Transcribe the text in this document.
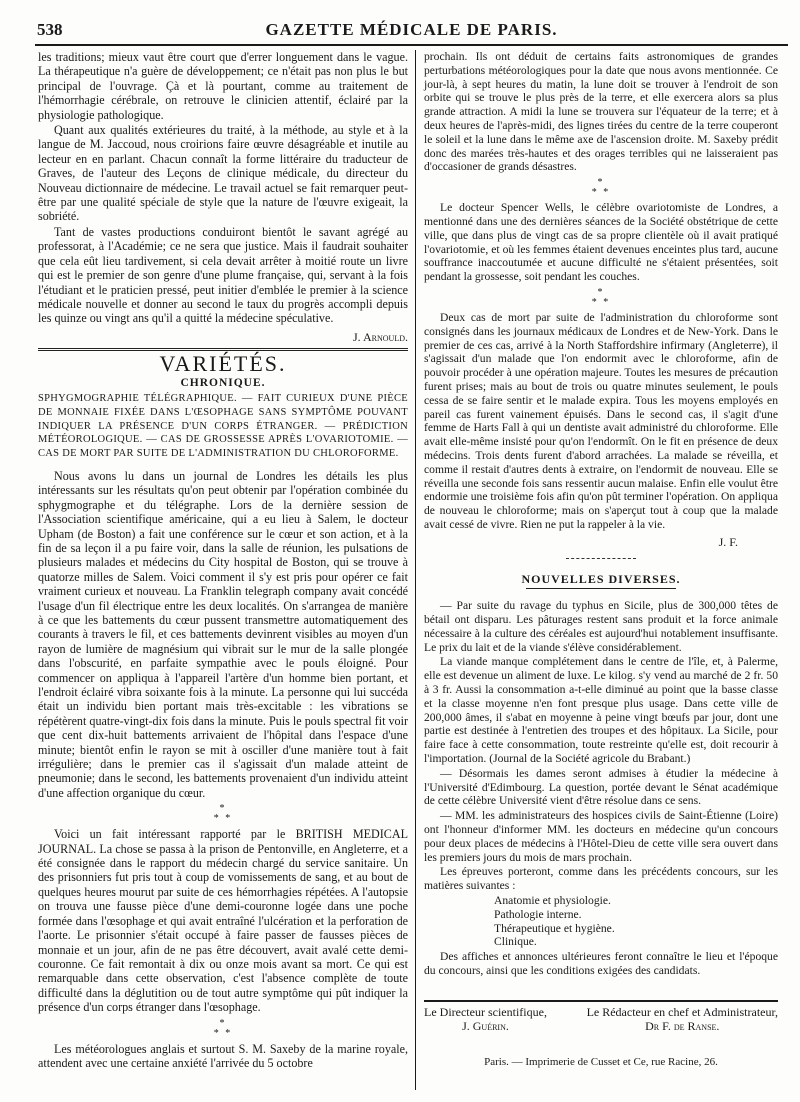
538	GAZETTE MÉDICALE DE PARIS.

les traditions; mieux vaut être court que d'errer longuement dans le vague. La thérapeutique n'a guère de développement; ce n'était pas non plus le but principal de l'ouvrage. Çà et là pourtant, comme au traitement de l'hémorrhagie cérébrale, on retrouve le clinicien attentif, éclairé par la physiologie pathologique.

Quant aux qualités extérieures du traité, à la méthode, au style et à la langue de M. Jaccoud, nous croirions faire œuvre désagréable et inutile au lecteur en en parlant. Chacun connaît la forme littéraire du traducteur de Graves, de l'auteur des Leçons de clinique médicale, du directeur du Nouveau dictionnaire de médecine. Le travail actuel se fait remarquer peut-être par une qualité spéciale de style que la nature de l'œuvre exigeait, la sobriété.

Tant de vastes productions conduiront bientôt le savant agrégé au professorat, à l'Académie; ce ne sera que justice. Mais il faudrait souhaiter que cela eût lieu tardivement, si cela devait arrêter à moitié route un livre qui est le premier de son genre d'une plume française, qui, servant à la fois l'étudiant et le praticien pressé, peut initier d'emblée le premier à la science médicale nouvelle et donner au second le taux du progrès accompli depuis les quinze ou vingt ans qu'il a quitté la médecine spéculative.

J. Arnould.
VARIÉTÉS.
CHRONIQUE.

SPHYGMOGRAPHIE TÉLÉGRAPHIQUE. — FAIT CURIEUX D'UNE PIÈCE DE MONNAIE FIXÉE DANS L'ŒSOPHAGE SANS SYMPTÔME POUVANT INDIQUER LA PRÉSENCE D'UN CORPS ÉTRANGER. — PRÉDICTION MÉTÉOROLOGIQUE. — CAS DE GROSSESSE APRÈS L'OVARIOTOMIE. — CAS DE MORT PAR SUITE DE L'ADMINISTRATION DU CHLOROFORME.

Nous avons lu dans un journal de Londres les détails les plus intéressants sur les résultats qu'on peut obtenir par l'opération combinée du sphygmographe et du télégraphe. Lors de la dernière session de l'Association scientifique américaine, qui a eu lieu à Salem, le docteur Upham (de Boston) a fait une conférence sur le cœur et son action, et à la fin de sa leçon il a pu faire voir, dans la salle de réunion, les pulsations de plusieurs malades et médecins du City hospital de Boston, qui se trouve à quatorze milles de Salem. Voici comment il s'y est pris pour opérer ce fait vraiment curieux et nouveau. La Franklin telegraph company avait concédé l'usage d'un fil électrique entre les deux localités. On s'arrangea de manière à ce que les battements du cœur pussent transmettre automatiquement des courants à travers le fil, et ces battements devinrent visibles au moyen d'un rayon de lumière de magnésium qui vibrait sur le mur de la salle plongée dans l'obscurité, en parfaite sympathie avec le pouls éloigné. Pour commencer on appliqua à l'appareil l'artère d'un homme bien portant, et l'endroit éclairé vibra soixante fois à la minute. La personne qui lui succéda était un individu bien portant mais très-excitable : les vibrations se répétèrent quatre-vingt-dix fois dans la minute. Puis le pouls spectral fit voir que cent dix-huit battements arrivaient de l'hôpital dans l'espace d'une minute; bientôt enfin le rayon se mit à osciller d'une manière tout à fait irrégulière; dans le premier cas il s'agissait d'un malade atteint de pneumonie; dans le second, les battements provenaient d'un individu atteint d'une affection organique du cœur.

*
* *

Voici un fait intéressant rapporté par le BRITISH MEDICAL JOURNAL. La chose se passa à la prison de Pentonville, en Angleterre, et a été consignée dans le rapport du médecin chargé du service sanitaire. Un des prisonniers fut pris tout à coup de vomissements de sang, et au bout de quelques heures mourut par suite de ces hémorrhagies répétées. A l'autopsie on trouva une fausse pièce d'une demi-couronne logée dans une poche formée dans l'œsophage et qui avait entraîné l'ulcération et la perforation de l'aorte. Le prisonnier s'était occupé à faire passer de fausses pièces de monnaie et un jour, afin de ne pas être découvert, avait avalé cette demi-couronne. Ce fait remontait à dix ou onze mois avant sa mort. Ce qui est remarquable dans cette observation, c'est l'absence complète de toute difficulté dans la déglutition ou de tout autre symptôme qui pût indiquer la présence d'un corps étranger dans l'œsophage.

*
* *

Les météorologues anglais et surtout S. M. Saxeby de la marine royale, attendent avec une certaine anxiété l'arrivée du 5 octobre

prochain. Ils ont déduit de certains faits astronomiques de grandes perturbations météorologiques pour la date que nous avons mentionnée. Ce jour-là, à sept heures du matin, la lune doit se trouver à l'endroit de son orbite qui se trouve le plus près de la terre, et elle exercera alors sa plus grande attraction. A midi la lune se trouvera sur l'équateur de la terre; et à deux heures de l'après-midi, des lignes tirées du centre de la terre couperont le soleil et la lune dans le même axe de l'ascension droite. M. Saxeby prédit donc des marées très-hautes et des orages terribles qui ne laisseraient pas d'occasioner de grands désastres.

*
* *

Le docteur Spencer Wells, le célèbre ovariotomiste de Londres, a mentionné dans une des dernières séances de la Société obstétrique de cette ville, que dans plus de vingt cas de sa propre clientèle où il avait pratiqué l'ovariotomie, et où les femmes étaient devenues enceintes plus tard, aucune souffrance inaccoutumée et aucune difficulté ne s'étaient présentées, soit pendant la grossesse, soit pendant les couches.

*
* *

Deux cas de mort par suite de l'administration du chloroforme sont consignés dans les journaux médicaux de Londres et de New-York. Dans le premier de ces cas, arrivé à la North Staffordshire infirmary (Angleterre), il s'agissait d'un malade que l'on endormit avec le chloroforme, afin de pouvoir procéder à une opération majeure. Toutes les mesures de précaution furent prises; mais au bout de trois ou quatre minutes seulement, le pouls cessa de se faire sentir et le malade expira. Tous les moyens employés en pareil cas furent vainement épuisés. Dans le second cas, il s'agit d'une femme de Harts Fall à qui un dentiste avait administré du chloroforme. Elle avait elle-même insisté pour qu'on l'endormît. On le fit en présence de deux médecins. Trois dents furent d'abord arrachées. La malade se réveilla, et comme il restait d'autres dents à extraire, on l'endormit de nouveau. Elle se réveilla une seconde fois sans ressentir aucun malaise. Enfin elle voulut être endormie une troisième fois afin qu'on pût terminer l'opération. On appliqua de nouveau le chloroforme; mais on s'aperçut tout à coup que la malade avait cessé de vivre. Rien ne put la rappeler à la vie.

J. F.
NOUVELLES DIVERSES.

— Par suite du ravage du typhus en Sicile, plus de 300,000 têtes de bétail ont disparu. Les pâturages restent sans produit et la force animale nécessaire à la culture des céréales est aujourd'hui notablement insuffisante. Le prix du lait et de la viande s'élève considérablement.

La viande manque complétement dans le centre de l'île, et, à Palerme, elle est devenue un aliment de luxe. Le kilog. s'y vend au marché de 2 fr. 50 à 3 fr. Aussi la consommation a-t-elle diminué au point que la basse classe et la classe moyenne n'en font presque plus usage. Dans cette ville de 200,000 âmes, il s'abat en moyenne à peine vingt bœufs par jour, dont une partie est destinée à l'entretien des troupes et des hôpitaux. La Sicile, pour faire face à cette consommation, toute restreinte qu'elle est, doit recourir à l'importation. (Journal de la Société agricole du Brabant.)

— Désormais les dames seront admises à étudier la médecine à l'Université d'Edimbourg. La question, portée devant le Sénat académique de cette célèbre Université vient d'être résolue dans ce sens.

— MM. les administrateurs des hospices civils de Saint-Étienne (Loire) ont l'honneur d'informer MM. les docteurs en médecine qu'un concours pour deux places de médecins à l'Hôtel-Dieu de cette ville sera ouvert dans les premiers jours du mois de mars prochain.

Les épreuves porteront, comme dans les précédents concours, sur les matières suivantes :

Anatomie et physiologie.
Pathologie interne.
Thérapeutique et hygiène.
Clinique.

Des affiches et annonces ultérieures feront connaître le lieu et l'époque du concours, ainsi que les conditions exigées des candidats.

Le Directeur scientifique,
J. Guérin.
Le Rédacteur en chef et Administrateur,
Dr F. de Ranse.
Paris. — Imprimerie de Cusset et Ce, rue Racine, 26.
